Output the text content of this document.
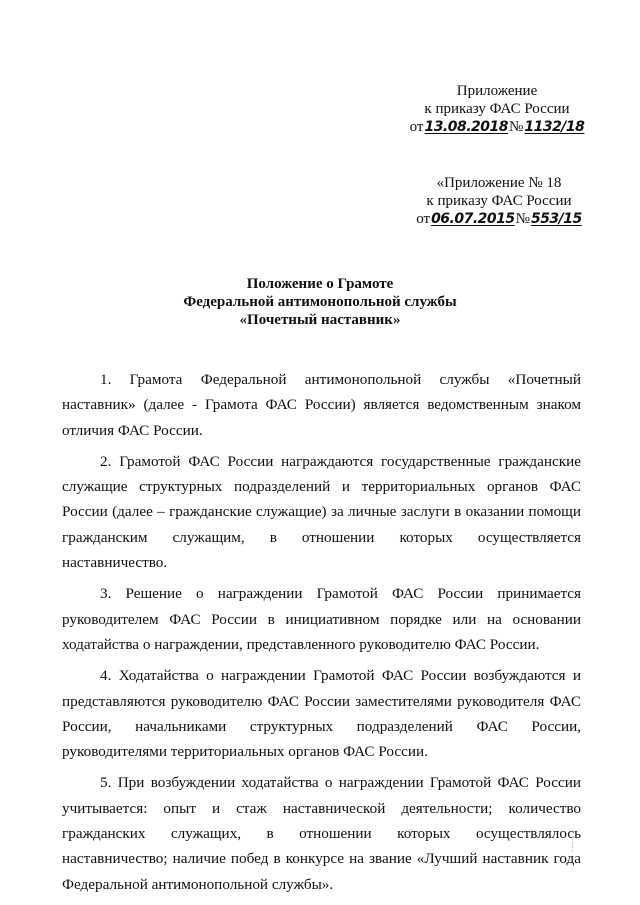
Приложение
к приказу ФАС России
от 13.08.2018 № 1132/18
«Приложение № 18
к приказу ФАС России
от 06.07.2015 № 553/15
Положение о Грамоте
Федеральной антимонопольной службы
«Почетный наставник»

1. Грамота Федеральной антимонопольной службы «Почетный наставник» (далее - Грамота ФАС России) является ведомственным знаком отличия ФАС России.

2. Грамотой ФАС России награждаются государственные гражданские служащие структурных подразделений и территориальных органов ФАС России (далее – гражданские служащие) за личные заслуги в оказании помощи гражданским служащим, в отношении которых осуществляется наставничество.

3. Решение о награждении Грамотой ФАС России принимается руководителем ФАС России в инициативном порядке или на основании ходатайства о награждении, представленного руководителю ФАС России.

4. Ходатайства о награждении Грамотой ФАС России возбуждаются и представляются руководителю ФАС России заместителями руководителя ФАС России, начальниками структурных подразделений ФАС России, руководителями территориальных органов ФАС России.

5. При возбуждении ходатайства о награждении Грамотой ФАС России учитывается: опыт и стаж наставнической деятельности; количество гражданских служащих, в отношении которых осуществлялось наставничество; наличие побед в конкурсе на звание «Лучший наставник года Федеральной антимонопольной службы».
